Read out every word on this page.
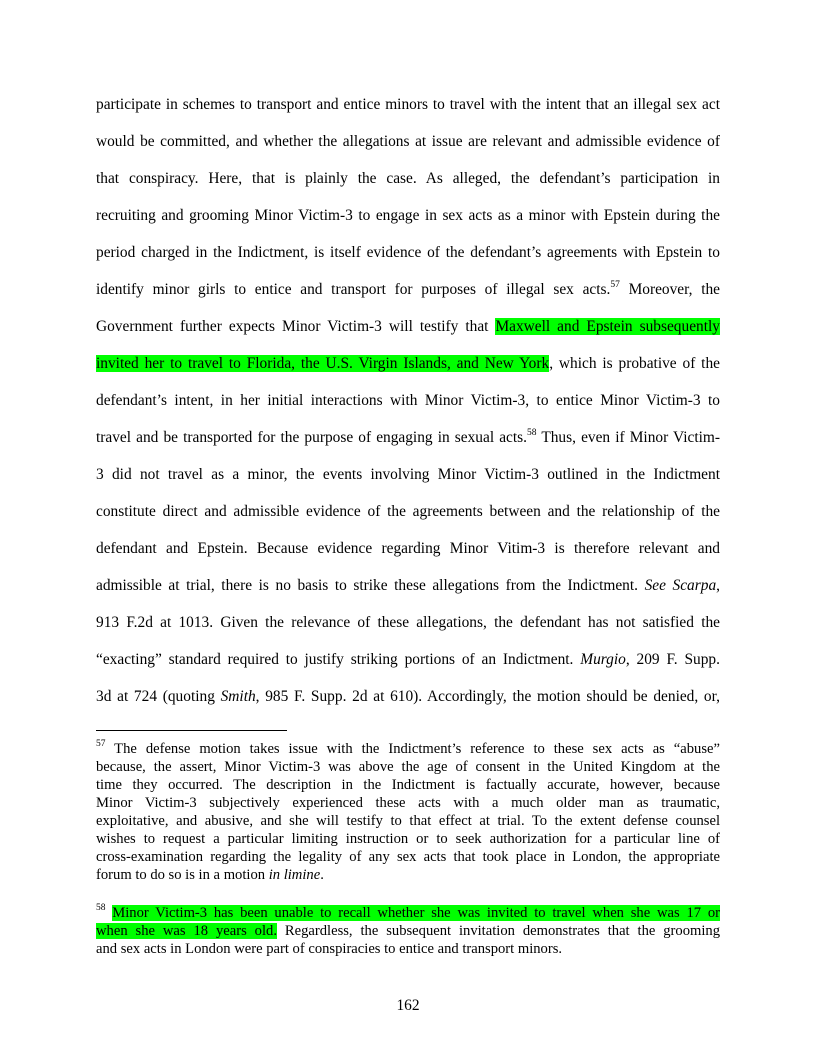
participate in schemes to transport and entice minors to travel with the intent that an illegal sex act
would be committed, and whether the allegations at issue are relevant and admissible evidence of
that conspiracy. Here, that is plainly the case. As alleged, the defendant’s participation in
recruiting and grooming Minor Victim-3 to engage in sex acts as a minor with Epstein during the
period charged in the Indictment, is itself evidence of the defendant’s agreements with Epstein to
identify minor girls to entice and transport for purposes of illegal sex acts.$^{57}$ Moreover, the
Government further expects Minor Victim-3 will testify that Maxwell and Epstein subsequently
invited her to travel to Florida, the U.S. Virgin Islands, and New York, which is probative of the
defendant’s intent, in her initial interactions with Minor Victim-3, to entice Minor Victim-3 to
travel and be transported for the purpose of engaging in sexual acts.$^{58}$ Thus, even if Minor Victim-
3 did not travel as a minor, the events involving Minor Victim-3 outlined in the Indictment
constitute direct and admissible evidence of the agreements between and the relationship of the
defendant and Epstein. Because evidence regarding Minor Vitim-3 is therefore relevant and
admissible at trial, there is no basis to strike these allegations from the Indictment. See Scarpa,
913 F.2d at 1013. Given the relevance of these allegations, the defendant has not satisfied the
“exacting” standard required to justify striking portions of an Indictment. Murgio, 209 F. Supp.
3d at 724 (quoting Smith, 985 F. Supp. 2d at 610). Accordingly, the motion should be denied, or,
$^{57}$ The defense motion takes issue with the Indictment’s reference to these sex acts as “abuse”
because, the assert, Minor Victim-3 was above the age of consent in the United Kingdom at the
time they occurred. The description in the Indictment is factually accurate, however, because
Minor Victim-3 subjectively experienced these acts with a much older man as traumatic,
exploitative, and abusive, and she will testify to that effect at trial. To the extent defense counsel
wishes to request a particular limiting instruction or to seek authorization for a particular line of
cross-examination regarding the legality of any sex acts that took place in London, the appropriate
forum to do so is in a motion in limine.
$^{58}$ Minor Victim-3 has been unable to recall whether she was invited to travel when she was 17 or
when she was 18 years old. Regardless, the subsequent invitation demonstrates that the grooming
and sex acts in London were part of conspiracies to entice and transport minors.
162
